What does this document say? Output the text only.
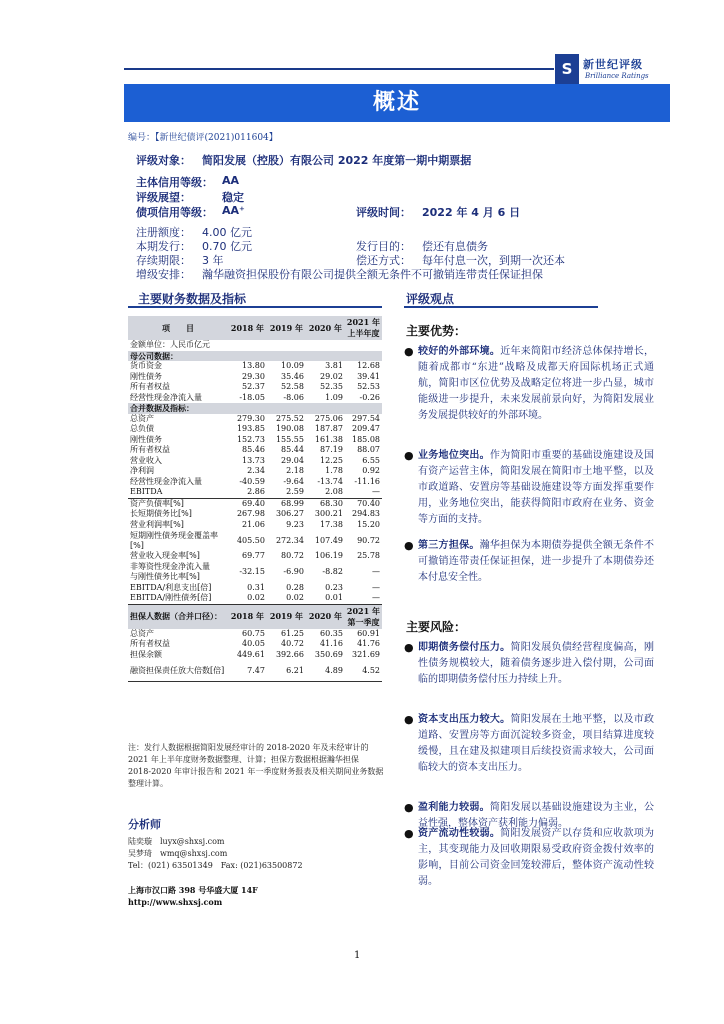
S 新世纪评级
Brilliance Ratings
概述
编号：【新世纪债评(2021)011604】
评级对象： 简阳发展（控股）有限公司 2022 年度第一期中期票据
主体信用等级： AA
评级展望：	稳定
债项信用等级： AA⁺	评级时间： 2022 年 4 月 6 日
注册额度： 4.00 亿元
本期发行： 0.70 亿元	发行目的： 偿还有息债务
存续期限： 3 年	偿还方式： 每年付息一次，到期一次还本
增级安排： 瀚华融资担保股份有限公司提供全额无条件不可撤销连带责任保证担保
主要财务数据及指标	评级观点
项　　目	2018 年	2019 年	2020 年	2021 年
上半年度
金额单位：人民币亿元				
母公司数据：				
货币资金	13.80	10.09	3.81	12.68
刚性债务	29.30	35.46	29.02	39.41
所有者权益	52.37	52.58	52.35	52.53
经营性现金净流入量	-18.05	-8.06	1.09	-0.26
合并数据及指标：				
总资产	279.30	275.52	275.06	297.54
总负债	193.85	190.08	187.87	209.47
刚性债务	152.73	155.55	161.38	185.08
所有者权益	85.46	85.44	87.19	88.07
营业收入	13.73	29.04	12.25	6.55
净利润	2.34	2.18	1.78	0.92
经营性现金净流入量	-40.59	-9.64	-13.74	-11.16
EBITDA	2.86	2.59	2.08	—
资产负债率[%]	69.40	68.99	68.30	70.40
长短期债务比[%]	267.98	306.27	300.21	294.83
营业利润率[%]	21.06	9.23	17.38	15.20
短期刚性债务现金覆盖率[%]	405.50	272.34	107.49	90.72
营业收入现金率[%]	69.77	80.72	106.19	25.78
非筹资性现金净流入量
与刚性债务比率[%]	-32.15	-6.90	-8.82	—
EBITDA/利息支出[倍]	0.31	0.28	0.23	—
EBITDA/刚性债务[倍]	0.02	0.02	0.01	—
担保人数据（合并口径）：	2018 年	2019 年	2020 年	2021 年
第一季度
总资产	60.75	61.25	60.35	60.91
所有者权益	40.05	40.72	41.16	41.76
担保余额	449.61	392.66	350.69	321.69
融资担保责任放大倍数[倍]	7.47	6.21	4.89	4.52
注：发行人数据根据简阳发展经审计的 2018-2020 年及未经审计的 2021 年上半年度财务数据整理、计算；担保方数据根据瀚华担保 2018-2020 年审计报告和 2021 年一季度财务报表及相关期间业务数据整理计算。
分析师
陆奕璇　luyx@shxsj.com
吴梦琦　wmq@shxsj.com
Tel：(021) 63501349　Fax: (021)63500872
上海市汉口路 398 号华盛大厦 14F
http://www.shxsj.com
主要优势：
● 较好的外部环境。近年来简阳市经济总体保持增长，随着成都市“东进”战略及成都天府国际机场正式通航，简阳市区位优势及战略定位将进一步凸显，城市能级进一步提升，未来发展前景向好，为简阳发展业务发展提供较好的外部环境。
● 业务地位突出。作为简阳市重要的基础设施建设及国有资产运营主体，简阳发展在简阳市土地平整，以及市政道路、安置房等基础设施建设等方面发挥重要作用，业务地位突出，能获得简阳市政府在业务、资金等方面的支持。
● 第三方担保。瀚华担保为本期债券提供全额无条件不可撤销连带责任保证担保，进一步提升了本期债券还本付息安全性。
主要风险：
● 即期债务偿付压力。简阳发展负债经营程度偏高，刚性债务规模较大，随着债务逐步进入偿付期，公司面临的即期债务偿付压力持续上升。
● 资本支出压力较大。简阳发展在土地平整，以及市政道路、安置房等方面沉淀较多资金，项目结算进度较缓慢，且在建及拟建项目后续投资需求较大，公司面临较大的资本支出压力。
● 盈利能力较弱。简阳发展以基础设施建设为主业，公益性强，整体资产获利能力偏弱。
● 资产流动性较弱。简阳发展资产以存货和应收款项为主，其变现能力及回收期限易受政府资金拨付效率的影响，目前公司资金回笼较滞后，整体资产流动性较弱。
1
